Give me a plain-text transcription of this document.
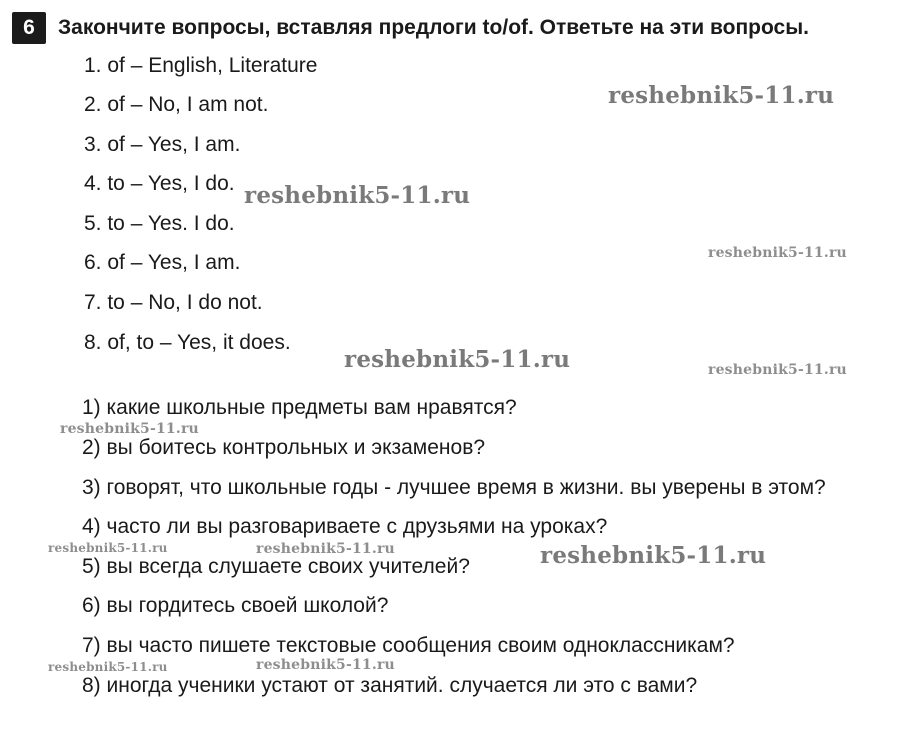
6	Закончите вопросы, вставляя предлоги to/of. Ответьте на эти вопросы.
1. of – English, Literature
2. of – No, I am not.
3. of – Yes, I am.
4. to – Yes, I do.
5. to – Yes. I do.
6. of – Yes, I am.
7. to – No, I do not.
8. of, to – Yes, it does.
1) какие школьные предметы вам нравятся?
2) вы боитесь контрольных и экзаменов?
3) говорят, что школьные годы - лучшее время в жизни. вы уверены в этом?
4) часто ли вы разговариваете с друзьями на уроках?
5) вы всегда слушаете своих учителей?
6) вы гордитесь своей школой?
7) вы часто пишете текстовые сообщения своим одноклассникам?
8) иногда ученики устают от занятий. случается ли это с вами?
reshebnik5-11.ru
reshebnik5-11.ru
reshebnik5-11.ru
reshebnik5-11.ru	reshebnik5-11.ru
reshebnik5-11.ru
reshebnik5-11.ru	reshebnik5-11.ru	reshebnik5-11.ru
reshebnik5-11.ru	reshebnik5-11.ru
